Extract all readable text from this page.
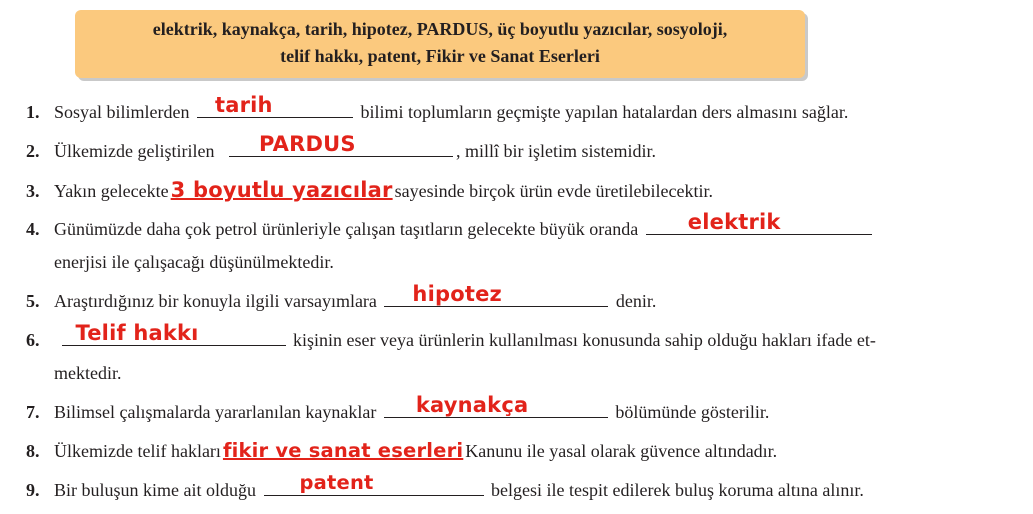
elektrik, kaynakça, tarih, hipotez, PARDUS, üç boyutlu yazıcılar, sosyoloji,
telif hakkı, patent, Fikir ve Sanat Eserleri
1. Sosyal bilimlerden tarih	bilimi toplumların geçmişte yapılan hatalardan ders almasını sağlar.
2. Ülkemizde geliştirilen PARDUS	, millî bir işletim sistemidir.
3. Yakın gelecekte3 boyutlu yazıcılar sayesinde birçok ürün evde üretilebilecektir.
4. Günümüzde daha çok petrol ürünleriyle çalışan taşıtların gelecekte büyük oranda elektrik
enerjisi ile çalışacağı düşünülmektedir.
5. Araştırdığınız bir konuyla ilgili varsayımlara hipotez	denir.
6. Telif hakkı	kişinin eser veya ürünlerin kullanılması konusunda sahip olduğu hakları ifade et-
mektedir.
7. Bilimsel çalışmalarda yararlanılan kaynaklar kaynakça	bölümünde gösterilir.
8. Ülkemizde telif hakları fikir ve sanat eserleri Kanunu ile yasal olarak güvence altındadır.
9. Bir buluşun kime ait olduğu patent	belgesi ile tespit edilerek buluş koruma altına alınır.
